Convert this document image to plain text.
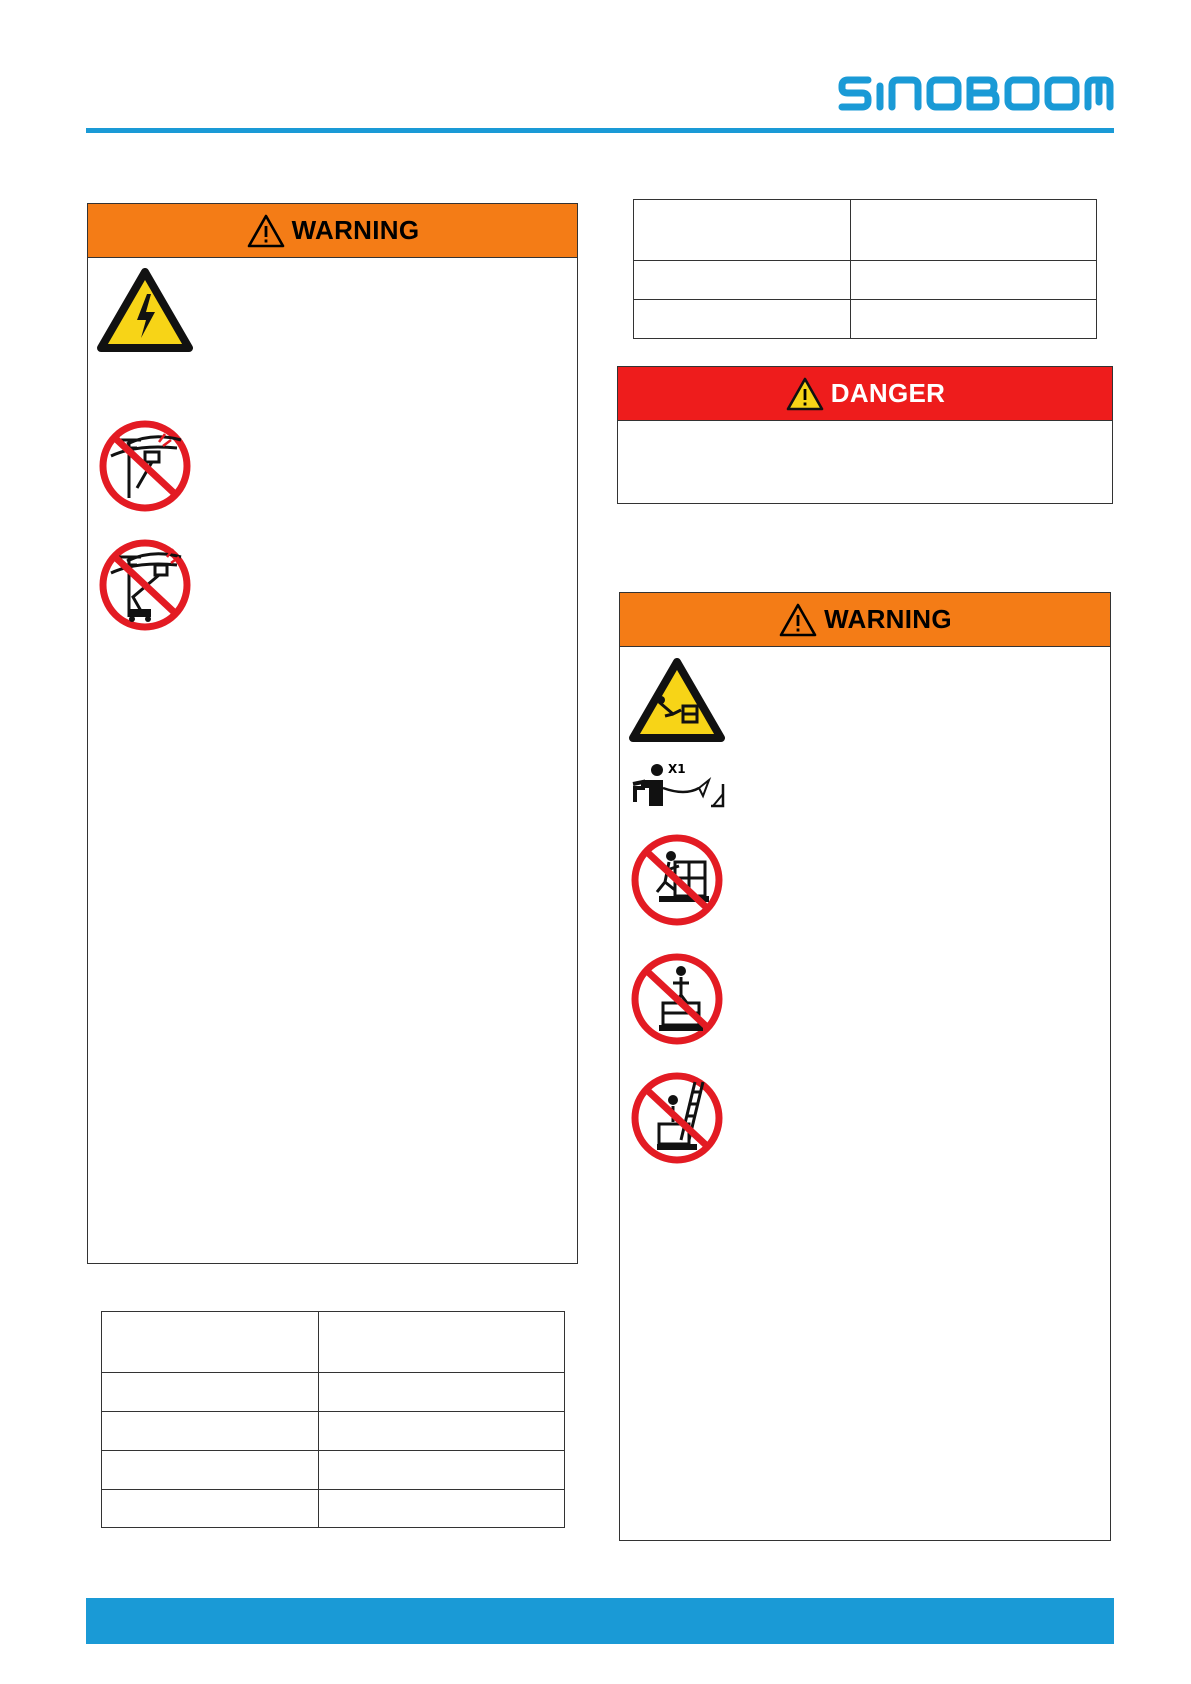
WARNING

DANGER
WARNING
X1
